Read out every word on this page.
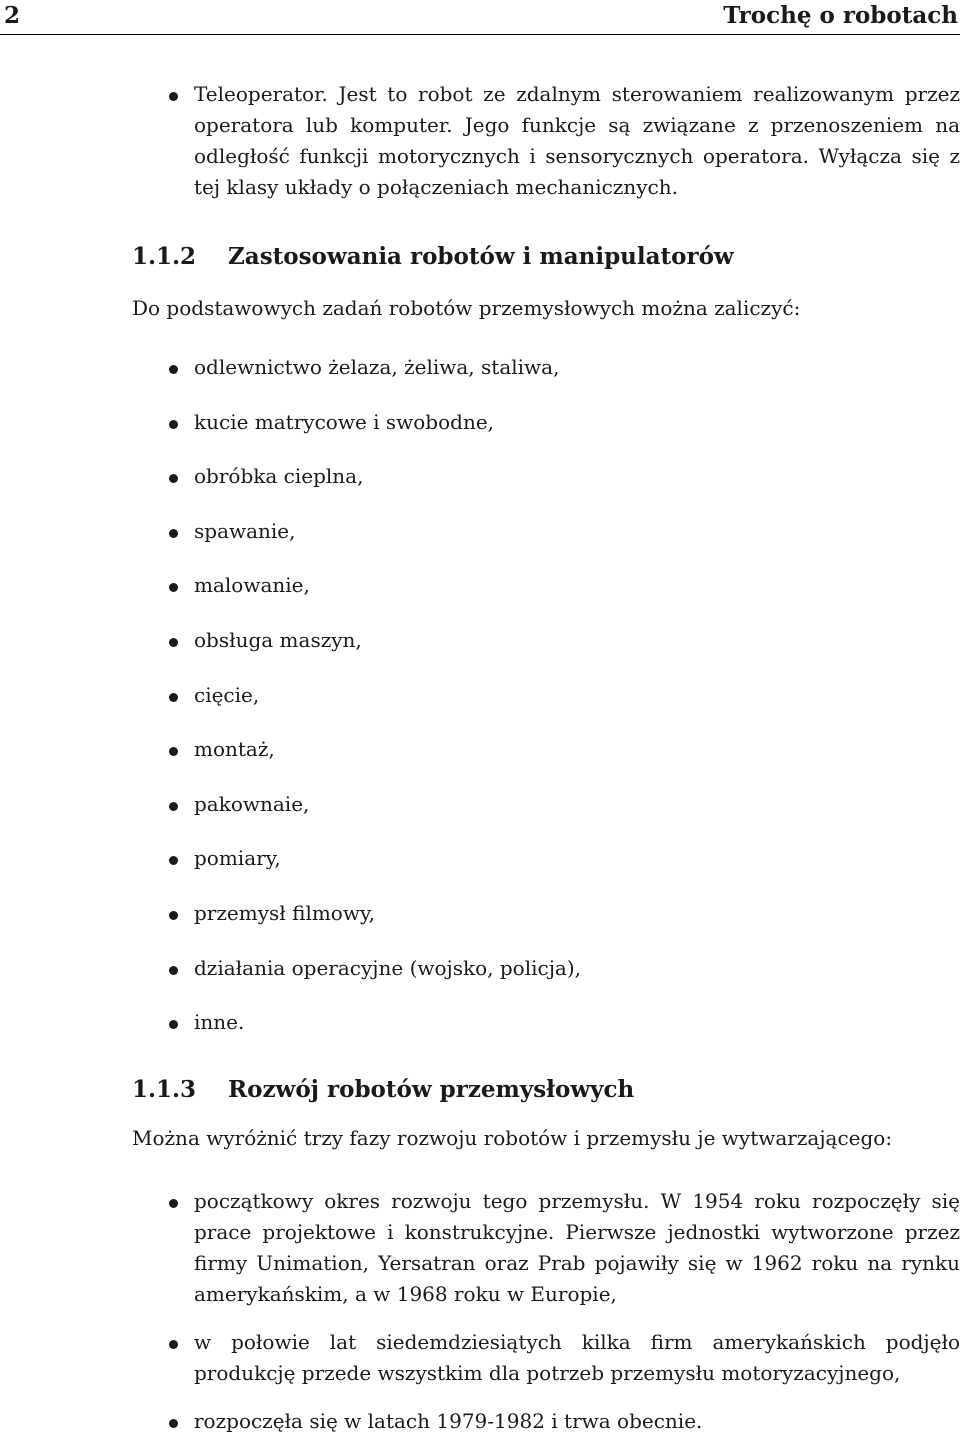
2	Trochę o robotach
Teleoperator. Jest to robot ze zdalnym sterowaniem realizowanym przez operatora lub komputer. Jego funkcje są związane z przenoszeniem na odległość funkcji motorycznych i sensorycznych operatora. Wyłącza się z tej klasy układy o połączeniach mechanicznych.
1.1.2 Zastosowania robotów i manipulatorów
Do podstawowych zadań robotów przemysłowych można zaliczyć:
odlewnictwo żelaza, żeliwa, staliwa,
kucie matrycowe i swobodne,
obróbka cieplna,
spawanie,
malowanie,
obsługa maszyn,
cięcie,
montaż,
pakownaie,
pomiary,
przemysł filmowy,
działania operacyjne (wojsko, policja),
inne.
1.1.3 Rozwój robotów przemysłowych
Można wyróżnić trzy fazy rozwoju robotów i przemysłu je wytwarzającego:
początkowy okres rozwoju tego przemysłu. W 1954 roku rozpoczęły się prace projektowe i konstrukcyjne. Pierwsze jednostki wytworzone przez firmy Unimation, Yersatran oraz Prab pojawiły się w 1962 roku na rynku amerykańskim, a w 1968 roku w Europie,
w połowie lat siedemdziesiątych kilka firm amerykańskich podjęło produkcję przede wszystkim dla potrzeb przemysłu motoryzacyjnego,
rozpoczęła się w latach 1979-1982 i trwa obecnie.
